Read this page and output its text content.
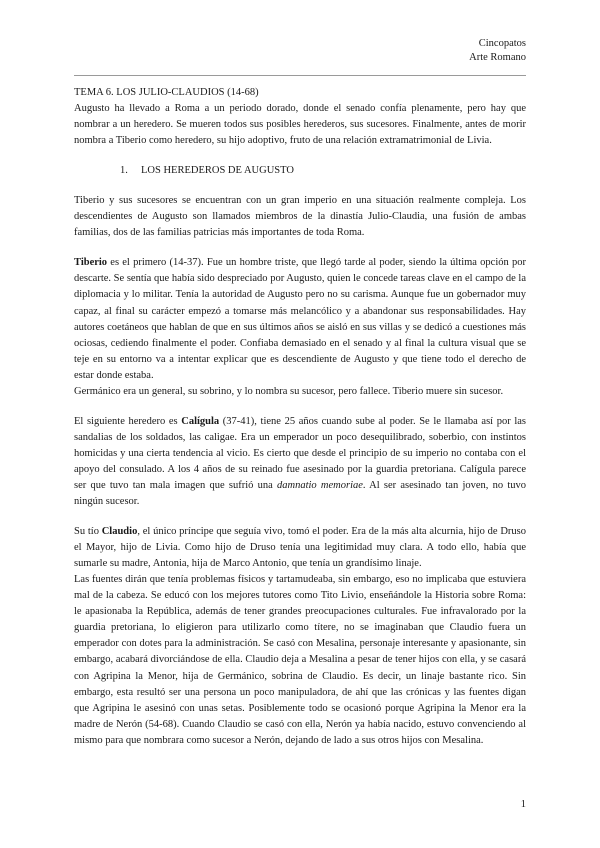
Cincopatos
Arte Romano

TEMA 6. LOS JULIO-CLAUDIOS (14-68)

Augusto ha llevado a Roma a un periodo dorado, donde el senado confía plenamente, pero hay que nombrar a un heredero. Se mueren todos sus posibles herederos, sus sucesores. Finalmente, antes de morir nombra a Tiberio como heredero, su hijo adoptivo, fruto de una relación extramatrimonial de Livia.

1. LOS HEREDEROS DE AUGUSTO

Tiberio y sus sucesores se encuentran con un gran imperio en una situación realmente compleja. Los descendientes de Augusto son llamados miembros de la dinastía Julio-Claudia, una fusión de ambas familias, dos de las familias patricias más importantes de toda Roma.

Tiberio es el primero (14-37). Fue un hombre triste, que llegó tarde al poder, siendo la última opción por descarte. Se sentía que había sido despreciado por Augusto, quien le concede tareas clave en el campo de la diplomacia y lo militar. Tenía la autoridad de Augusto pero no su carisma. Aunque fue un gobernador muy capaz, al final su carácter empezó a tomarse más melancólico y a abandonar sus responsabilidades. Hay autores coetáneos que hablan de que en sus últimos años se aisló en sus villas y se dedicó a cuestiones más ociosas, cediendo finalmente el poder. Confiaba demasiado en el senado y al final la cultura visual que se teje en su entorno va a intentar explicar que es descendiente de Augusto y que tiene todo el derecho de estar donde estaba.

Germánico era un general, su sobrino, y lo nombra su sucesor, pero fallece. Tiberio muere sin sucesor.

El siguiente heredero es Calígula (37-41), tiene 25 años cuando sube al poder. Se le llamaba así por las sandalias de los soldados, las caligae. Era un emperador un poco desequilibrado, soberbio, con instintos homicidas y una cierta tendencia al vicio. Es cierto que desde el principio de su imperio no contaba con el apoyo del consulado. A los 4 años de su reinado fue asesinado por la guardia pretoriana. Calígula parece ser que tuvo tan mala imagen que sufrió una damnatio memoriae. Al ser asesinado tan joven, no tuvo ningún sucesor.

Su tío Claudio, el único príncipe que seguía vivo, tomó el poder. Era de la más alta alcurnia, hijo de Druso el Mayor, hijo de Livia. Como hijo de Druso tenía una legitimidad muy clara. A todo ello, había que sumarle su madre, Antonia, hija de Marco Antonio, que tenía un grandísimo linaje.

Las fuentes dirán que tenía problemas físicos y tartamudeaba, sin embargo, eso no implicaba que estuviera mal de la cabeza. Se educó con los mejores tutores como Tito Livio, enseñándole la Historia sobre Roma: le apasionaba la República, además de tener grandes preocupaciones culturales. Fue infravalorado por la guardia pretoriana, lo eligieron para utilizarlo como títere, no se imaginaban que Claudio fuera un emperador con dotes para la administración. Se casó con Mesalina, personaje interesante y apasionante, sin embargo, acabará divorciándose de ella. Claudio deja a Mesalina a pesar de tener hijos con ella, y se casará con Agripina la Menor, hija de Germánico, sobrina de Claudio. Es decir, un linaje bastante rico. Sin embargo, esta resultó ser una persona un poco manipuladora, de ahí que las crónicas y las fuentes digan que Agripina le asesinó con unas setas. Posiblemente todo se ocasionó porque Agripina la Menor era la madre de Nerón (54-68). Cuando Claudio se casó con ella, Nerón ya había nacido, estuvo convenciendo al mismo para que nombrara como sucesor a Nerón, dejando de lado a sus otros hijos con Mesalina.

1
